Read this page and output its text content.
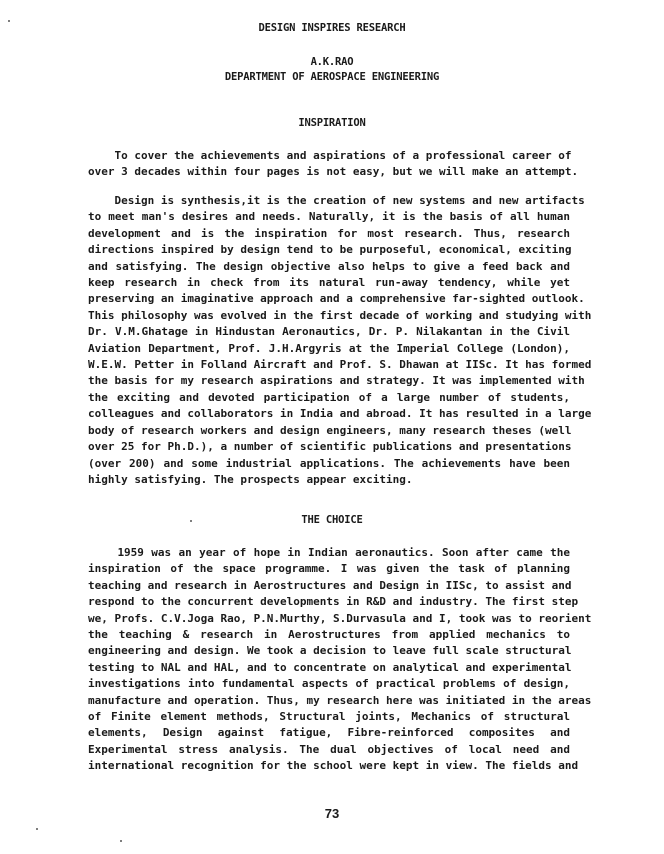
DESIGN INSPIRES RESEARCH
A.K.RAO
DEPARTMENT OF AEROSPACE ENGINEERING
INSPIRATION
To cover the achievements and aspirations of a professional career of
over 3 decades within four pages is not easy, but we will make an attempt.
Design is synthesis,it is the creation of new systems and new artifacts
to meet man's desires and needs. Naturally, it is the basis of all human
development and is the inspiration for most research. Thus, research
directions inspired by design tend to be purposeful, economical, exciting
and satisfying. The design objective also helps to give a feed back and
keep research in check from its natural run-away tendency, while yet
preserving an imaginative approach and a comprehensive far-sighted outlook.
This philosophy was evolved in the first decade of working and studying with
Dr. V.M.Ghatage in Hindustan Aeronautics, Dr. P. Nilakantan in the Civil
Aviation Department, Prof. J.H.Argyris at the Imperial College (London),
W.E.W. Petter in Folland Aircraft and Prof. S. Dhawan at IISc. It has formed
the basis for my research aspirations and strategy. It was implemented with
the exciting and devoted participation of a large number of students,
colleagues and collaborators in India and abroad. It has resulted in a large
body of research workers and design engineers, many research theses (well
over 25 for Ph.D.), a number of scientific publications and presentations
(over 200) and some industrial applications. The achievements have been
highly satisfying. The prospects appear exciting.
THE CHOICE
1959 was an year of hope in Indian aeronautics. Soon after came the
inspiration of the space programme. I was given the task of planning
teaching and research in Aerostructures and Design in IISc, to assist and
respond to the concurrent developments in R&D and industry. The first step
we, Profs. C.V.Joga Rao, P.N.Murthy, S.Durvasula and I, took was to reorient
the teaching & research in Aerostructures from applied mechanics to
engineering and design. We took a decision to leave full scale structural
testing to NAL and HAL, and to concentrate on analytical and experimental
investigations into fundamental aspects of practical problems of design,
manufacture and operation. Thus, my research here was initiated in the areas
of Finite element methods, Structural joints, Mechanics of structural
elements, Design against fatigue, Fibre-reinforced composites and
Experimental stress analysis. The dual objectives of local need and
international recognition for the school were kept in view. The fields and
73
